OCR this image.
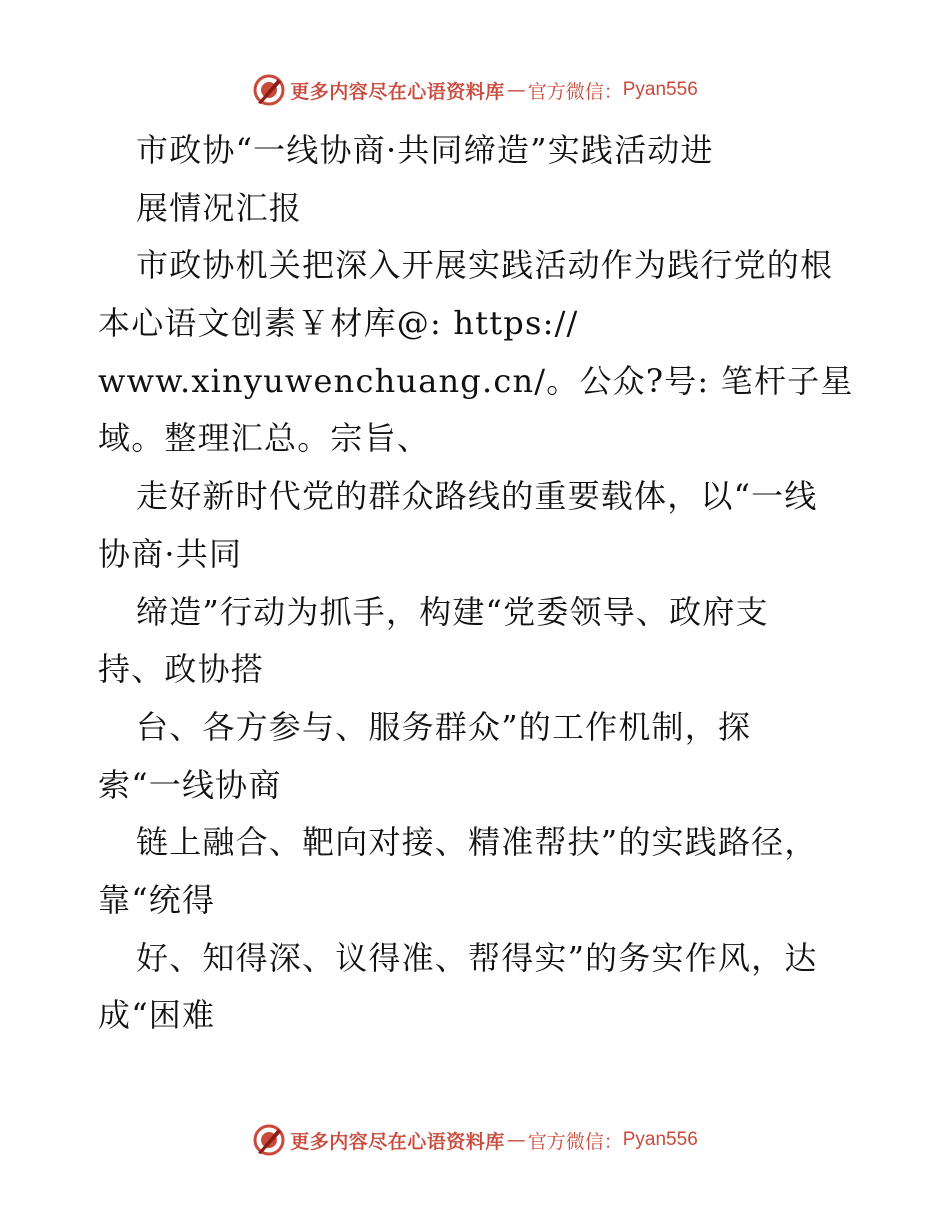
更多内容尽在心语资料库 — 官方微信： Pyan556
市政协“一线协商·共同缔造”实践活动进
展情况汇报
市政协机关把深入开展实践活动作为践行党的根
本心语文创素￥材库@: https://
www.xinyuwenchuang.cn/。公众?号: 笔杆子星
域。整理汇总。宗旨、
走好新时代党的群众路线的重要载体，以“一线
协商·共同
缔造”行动为抓手，构建“党委领导、政府支
持、政协搭
台、各方参与、服务群众”的工作机制，探
索“一线协商
链上融合、靶向对接、精准帮扶”的实践路径，
靠“统得
好、知得深、议得准、帮得实”的务实作风，达
成“困难
更多内容尽在心语资料库 — 官方微信： Pyan556
